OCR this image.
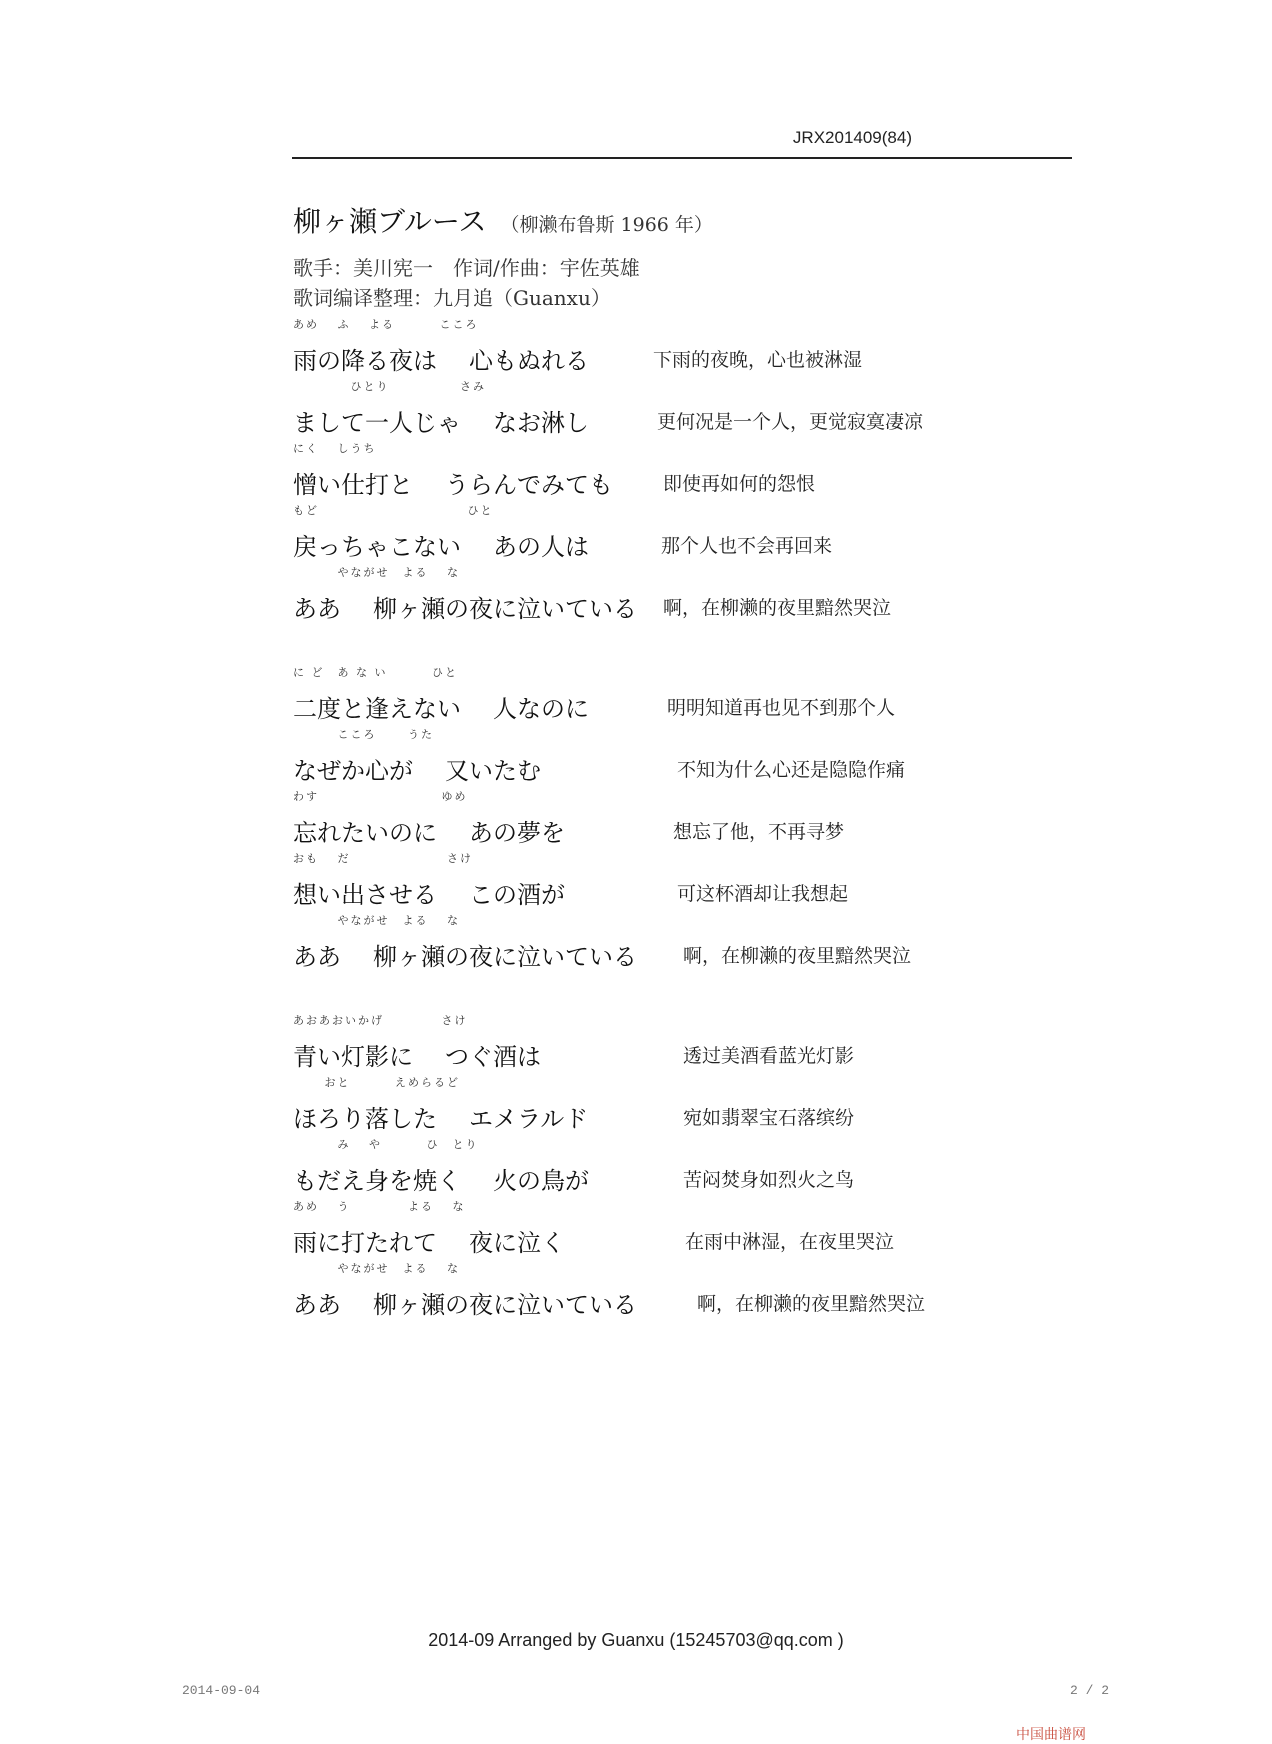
JRX201409(84)
柳ヶ瀬ブルース （柳濑布鲁斯 1966 年）
歌手：美川宪一　作词/作曲：宇佐英雄
歌词编译整理：九月追（Guanxu）
あめ　 ふ 　よる　　　 こころ
雨の降る夜は 心もぬれる	下雨的夜晚，心也被淋湿
　　　　 ひとり　　　　　 さみ
まして一人じゃ なお淋し	更何况是一个人，更觉寂寞凄凉
にく 　しうち
憎い仕打と うらんでみても	即使再如何的怨恨
もど　　　　　　　　　　　 ひと
戻っちゃこない あの人は	那个人也不会再回来
　　　 やながせ　よる　 な
ああ 柳ヶ瀬の夜に泣いている 啊，在柳濑的夜里黯然哭泣
に ど　あ な い　　　 ひと
二度と逢えない 人なのに	明明知道再也见不到那个人
　　　 こころ　　 うた
なぜか心が 又いたむ	不知为什么心还是隐隐作痛
わす　　　　　　　　　 ゆめ
忘れたいのに あの夢を	想忘了他，不再寻梦
おも　 だ　　　　　　　 さけ
想い出させる この酒が	可这杯酒却让我想起
　　　 やながせ　よる　 な
ああ 柳ヶ瀬の夜に泣いている 啊，在柳濑的夜里黯然哭泣
あおあおいかげ　　　　 さけ
青い灯影に つぐ酒は	透过美酒看蓝光灯影
　　 おと　　　 えめらるど
ほろり落した エメラルド	宛如翡翠宝石落缤纷
　　　 み　 や　　　 ひ　とり
もだえ身を焼く 火の鳥が	苦闷焚身如烈火之鸟
あめ　 う　　　　 よる　 な
雨に打たれて 夜に泣く	在雨中淋湿，在夜里哭泣
　　　 やながせ　よる　 な
ああ 柳ヶ瀬の夜に泣いている	啊，在柳濑的夜里黯然哭泣
2014-09 Arranged by Guanxu (15245703@qq.com )
2014-09-04	2 / 2
中国曲谱网
